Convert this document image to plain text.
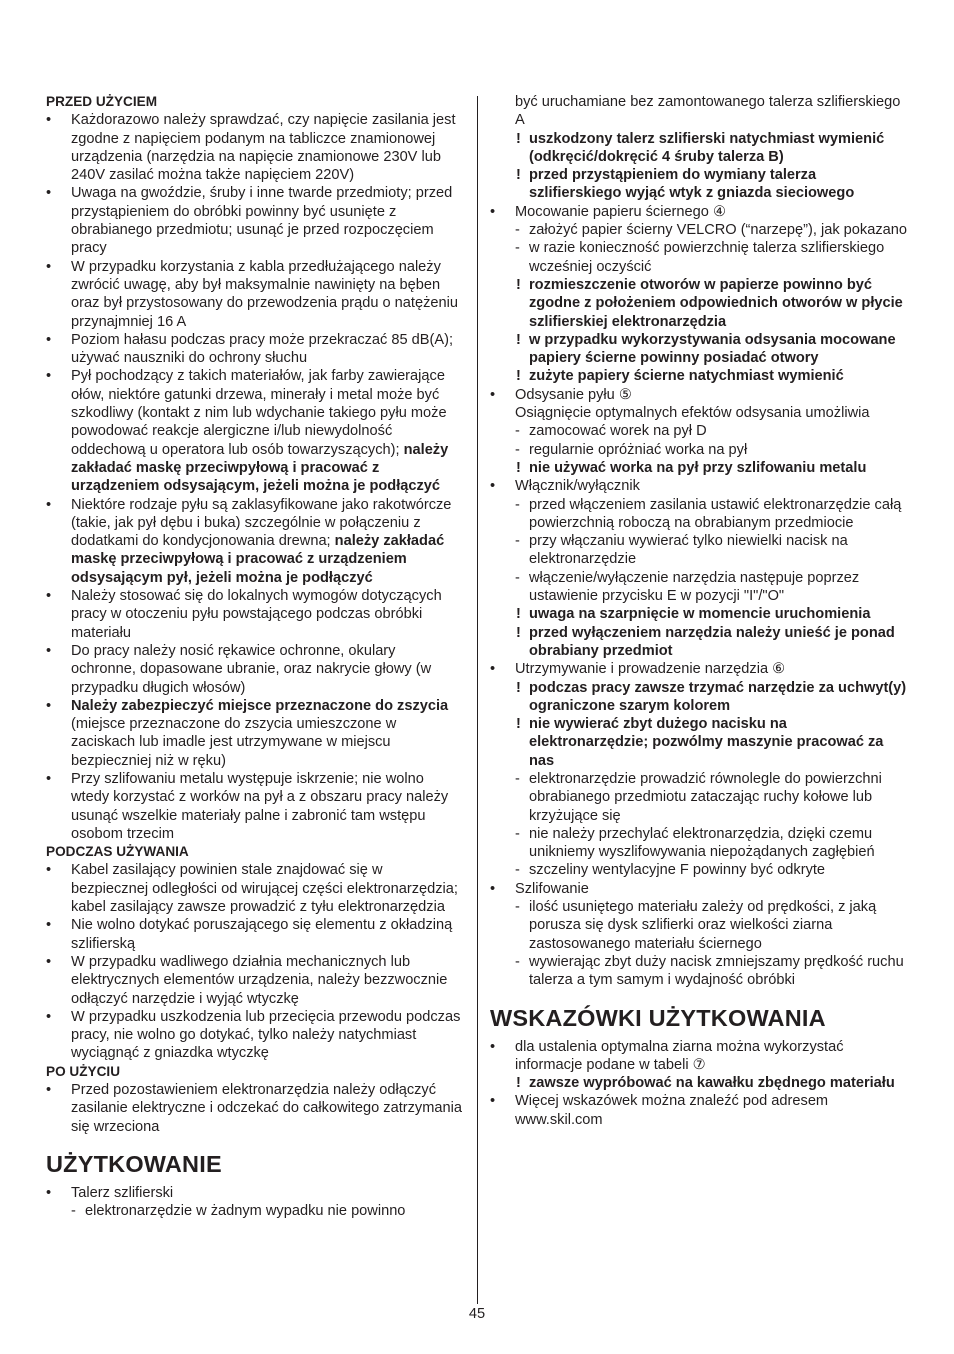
PRZED UŻYCIEM
• Każdorazowo należy sprawdzać, czy napięcie zasilania jest zgodne z napięciem podanym na tabliczce znamionowej urządzenia (narzędzia na napięcie znamionowe 230V lub 240V zasilać można także napięciem 220V)
• Uwaga na gwoździe, śruby i inne twarde przedmioty; przed przystąpieniem do obróbki powinny być usunięte z obrabianego przedmiotu; usunąć je przed rozpoczęciem pracy
• W przypadku korzystania z kabla przedłużającego należy zwrócić uwagę, aby był maksymalnie nawinięty na bęben oraz był przystosowany do przewodzenia prądu o natężeniu przynajmniej 16 A
• Poziom hałasu podczas pracy może przekraczać 85 dB(A); używać nauszniki do ochrony słuchu
• Pył pochodzący z takich materiałów, jak farby zawierające ołów, niektóre gatunki drzewa, minerały i metal może być szkodliwy (kontakt z nim lub wdychanie takiego pyłu może powodować reakcje alergiczne i/lub niewydolność oddechową u operatora lub osób towarzyszących); należy zakładać maskę przeciwpyłową i pracować z urządzeniem odsysającym, jeżeli można je podłączyć
• Niektóre rodzaje pyłu są zaklasyfikowane jako rakotwórcze (takie, jak pył dębu i buka) szczególnie w połączeniu z dodatkami do kondycjonowania drewna; należy zakładać maskę przeciwpyłową i pracować z urządzeniem odsysającym pył, jeżeli można je podłączyć
• Należy stosować się do lokalnych wymogów dotyczących pracy w otoczeniu pyłu powstającego podczas obróbki materiału
• Do pracy należy nosić rękawice ochronne, okulary ochronne, dopasowane ubranie, oraz nakrycie głowy (w przypadku długich włosów)
• Należy zabezpieczyć miejsce przeznaczone do zszycia (miejsce przeznaczone do zszycia umieszczone w zaciskach lub imadle jest utrzymywane w miejscu bezpieczniej niż w ręku)
• Przy szlifowaniu metalu występuje iskrzenie; nie wolno wtedy korzystać z worków na pył a z obszaru pracy należy usunąć wszelkie materiały palne i zabronić tam wstępu osobom trzecim
PODCZAS UŻYWANIA
• Kabel zasilający powinien stale znajdować się w bezpiecznej odległości od wirującej części elektronarzędzia; kabel zasilający zawsze prowadzić z tyłu elektronarzędzia
• Nie wolno dotykać poruszającego się elementu z okładziną szlifierską
• W przypadku wadliwego działnia mechanicznych lub elektrycznych elementów urządzenia, należy bezzwocznie odłączyć narzędzie i wyjąć wtyczkę
• W przypadku uszkodzenia lub przecięcia przewodu podczas pracy, nie wolno go dotykać, tylko należy natychmiast wyciągnąć z gniazdka wtyczkę
PO UŻYCIU
• Przed pozostawieniem elektronarzędzia należy odłączyć zasilanie elektryczne i odczekać do całkowitego zatrzymania się wrzeciona
UŻYTKOWANIE
• Talerz szlifierski
- elektronarzędzie w żadnym wypadku nie powinno
być uruchamiane bez zamontowanego talerza szlifierskiego A
! uszkodzony talerz szlifierski natychmiast wymienić (odkręcić/dokręcić 4 śruby talerza B)
! przed przystąpieniem do wymiany talerza szlifierskiego wyjąć wtyk z gniazda sieciowego
• Mocowanie papieru ściernego ④
- założyć papier ścierny VELCRO (“narzepę”), jak pokazano
- w razie konieczność powierzchnię talerza szlifierskiego wcześniej oczyścić
! rozmieszczenie otworów w papierze powinno być zgodne z położeniem odpowiednich otworów w płycie szlifierskiej elektronarzędzia
! w przypadku wykorzystywania odsysania mocowane papiery ścierne powinny posiadać otwory
! zużyte papiery ścierne natychmiast wymienić
• Odsysanie pyłu ⑤
Osiągnięcie optymalnych efektów odsysania umożliwia
- zamocować worek na pył D
- regularnie opróżniać worka na pył
! nie używać worka na pył przy szlifowaniu metalu
• Włącznik/wyłącznik
- przed włączeniem zasilania ustawić elektronarzędzie całą powierzchnią roboczą na obrabianym przedmiocie
- przy włączaniu wywierać tylko niewielki nacisk na elektronarzędzie
- włączenie/wyłączenie narzędzia następuje poprzez ustawienie przycisku E w pozycji "I"/"O"
! uwaga na szarpnięcie w momencie uruchomienia
! przed wyłączeniem narzędzia należy unieść je ponad obrabiany przedmiot
• Utrzymywanie i prowadzenie narzędzia ⑥
! podczas pracy zawsze trzymać narzędzie za uchwyt(y) ograniczone szarym kolorem
! nie wywierać zbyt dużego nacisku na elektronarzędzie; pozwólmy maszynie pracować za nas
- elektronarzędzie prowadzić równolegle do powierzchni obrabianego przedmiotu zataczając ruchy kołowe lub krzyżujące się
- nie należy przechylać elektronarzędzia, dzięki czemu unikniemy wyszlifowywania niepożądanych zagłębień
- szczeliny wentylacyjne F powinny być odkryte
• Szlifowanie
- ilość usuniętego materiału zależy od prędkości, z jaką porusza się dysk szlifierki oraz wielkości ziarna zastosowanego materiału ściernego
- wywierając zbyt duży nacisk zmniejszamy prędkość ruchu talerza a tym samym i wydajność obróbki
WSKAZÓWKI UŻYTKOWANIA
• dla ustalenia optymalna ziarna można wykorzystać informacje podane w tabeli ⑦
! zawsze wypróbować na kawałku zbędnego materiału
• Więcej wskazówek można znaleźć pod adresem www.skil.com
45
